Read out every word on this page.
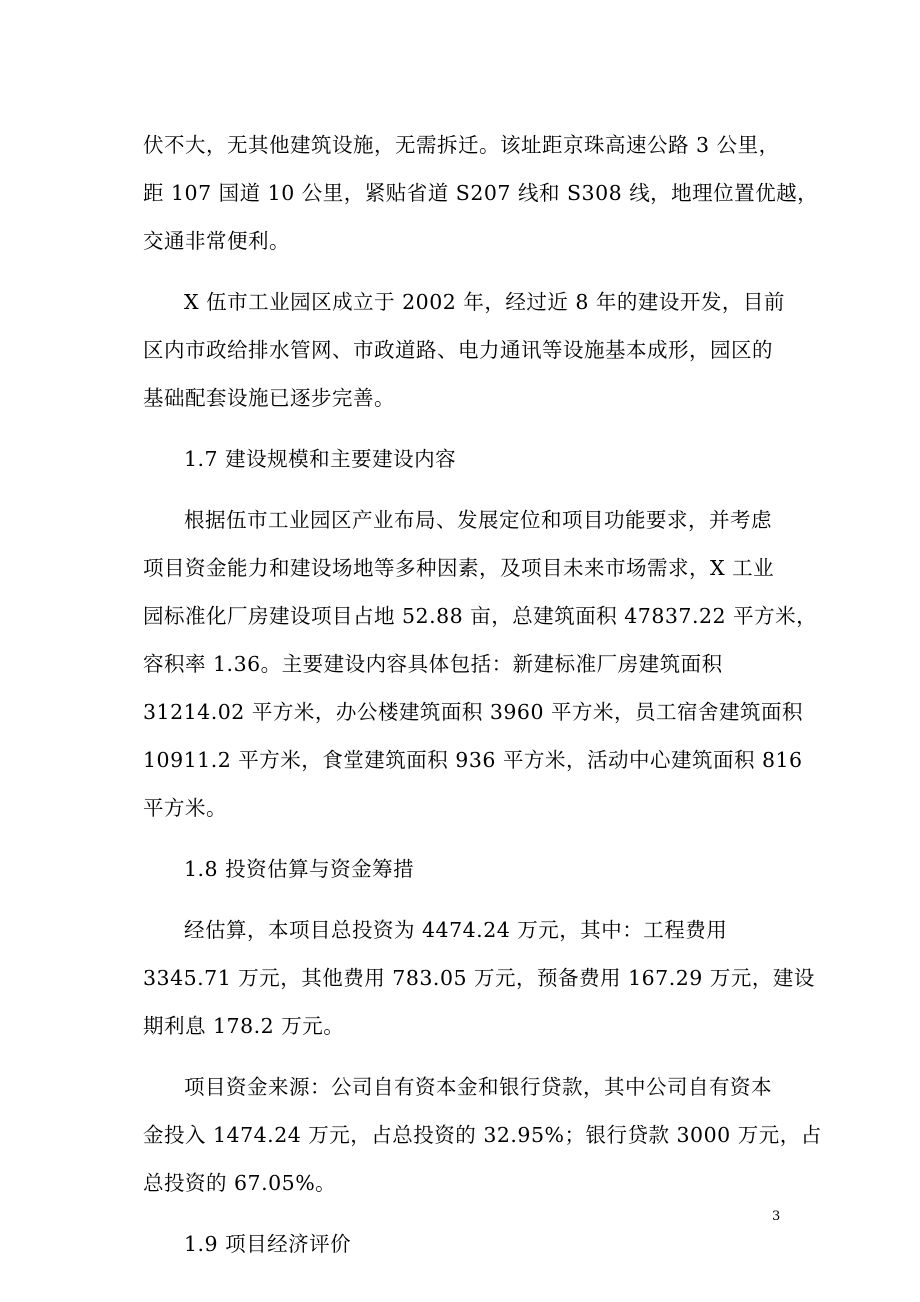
伏不大，无其他建筑设施，无需拆迁。该址距京珠高速公路 3 公里，
距 107 国道 10 公里，紧贴省道 S207 线和 S308 线，地理位置优越，
交通非常便利。
X 伍市工业园区成立于 2002 年，经过近 8 年的建设开发，目前
区内市政给排水管网、市政道路、电力通讯等设施基本成形，园区的
基础配套设施已逐步完善。
1.7 建设规模和主要建设内容
根据伍市工业园区产业布局、发展定位和项目功能要求，并考虑
项目资金能力和建设场地等多种因素，及项目未来市场需求，X 工业
园标准化厂房建设项目占地 52.88 亩，总建筑面积 47837.22 平方米，
容积率 1.36。主要建设内容具体包括：新建标准厂房建筑面积
31214.02 平方米，办公楼建筑面积 3960 平方米，员工宿舍建筑面积
10911.2 平方米，食堂建筑面积 936 平方米，活动中心建筑面积 816
平方米。
1.8 投资估算与资金筹措
经估算，本项目总投资为 4474.24 万元，其中：工程费用
3345.71 万元，其他费用 783.05 万元，预备费用 167.29 万元，建设
期利息 178.2 万元。
项目资金来源：公司自有资本金和银行贷款，其中公司自有资本
金投入 1474.24 万元，占总投资的 32.95%；银行贷款 3000 万元，占
总投资的 67.05%。
1.9 项目经济评价
3
